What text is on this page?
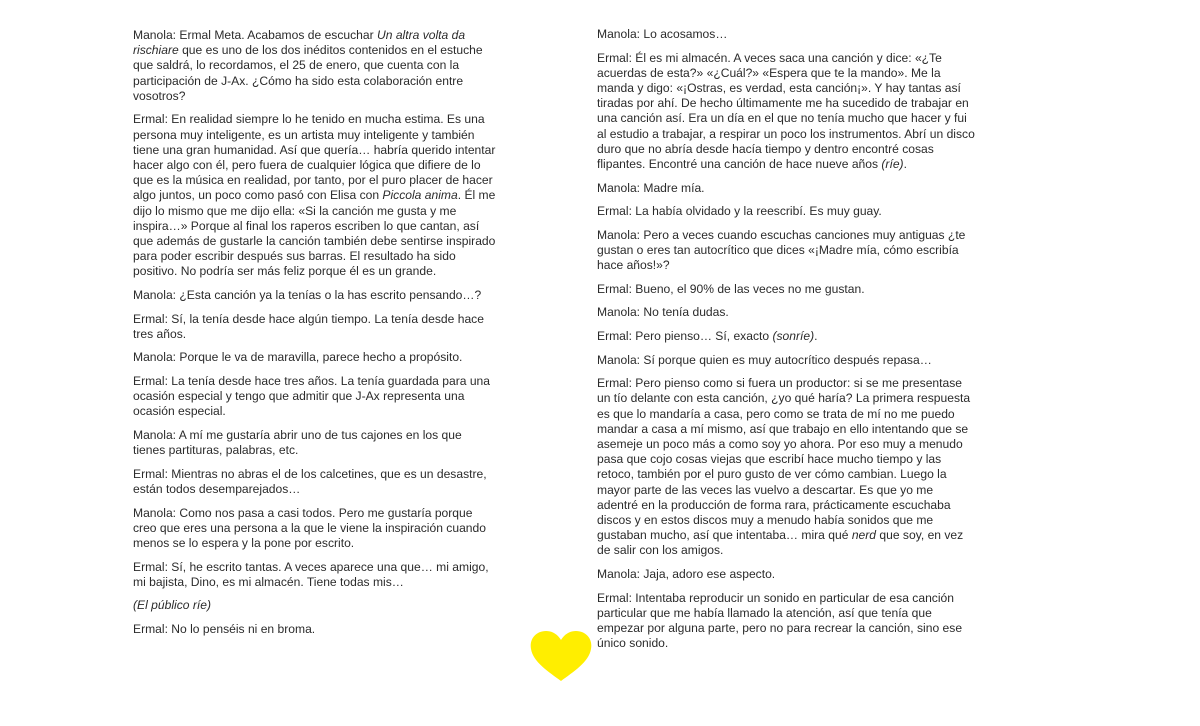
Manola: Ermal Meta. Acabamos de escuchar Un altra volta da rischiare que es uno de los dos inéditos contenidos en el estuche que saldrá, lo recordamos, el 25 de enero, que cuenta con la participación de J-Ax. ¿Cómo ha sido esta colaboración entre vosotros?

Ermal: En realidad siempre lo he tenido en mucha estima. Es una persona muy inteligente, es un artista muy inteligente y también tiene una gran humanidad. Así que quería… habría querido intentar hacer algo con él, pero fuera de cualquier lógica que difiere de lo que es la música en realidad, por tanto, por el puro placer de hacer algo juntos, un poco como pasó con Elisa con Piccola anima. Él me dijo lo mismo que me dijo ella: «Si la canción me gusta y me inspira…» Porque al final los raperos escriben lo que cantan, así que además de gustarle la canción también debe sentirse inspirado para poder escribir después sus barras. El resultado ha sido positivo. No podría ser más feliz porque él es un grande.

Manola: ¿Esta canción ya la tenías o la has escrito pensando…?

Ermal: Sí, la tenía desde hace algún tiempo. La tenía desde hace tres años.

Manola: Porque le va de maravilla, parece hecho a propósito.

Ermal: La tenía desde hace tres años. La tenía guardada para una ocasión especial y tengo que admitir que J-Ax representa una ocasión especial.

Manola: A mí me gustaría abrir uno de tus cajones en los que tienes partituras, palabras, etc.

Ermal: Mientras no abras el de los calcetines, que es un desastre, están todos desemparejados…

Manola: Como nos pasa a casi todos. Pero me gustaría porque creo que eres una persona a la que le viene la inspiración cuando menos se lo espera y la pone por escrito.

Ermal: Sí, he escrito tantas. A veces aparece una que… mi amigo, mi bajista, Dino, es mi almacén. Tiene todas mis…

(El público ríe)

Ermal: No lo penséis ni en broma.

Manola: Lo acosamos…

Ermal: Él es mi almacén. A veces saca una canción y dice: «¿Te acuerdas de esta?» «¿Cuál?» «Espera que te la mando». Me la manda y digo: «¡Ostras, es verdad, esta canción¡». Y hay tantas así tiradas por ahí. De hecho últimamente me ha sucedido de trabajar en una canción así. Era un día en el que no tenía mucho que hacer y fui al estudio a trabajar, a respirar un poco los instrumentos. Abrí un disco duro que no abría desde hacía tiempo y dentro encontré cosas flipantes. Encontré una canción de hace nueve años (ríe).

Manola: Madre mía.

Ermal: La había olvidado y la reescribí. Es muy guay.

Manola: Pero a veces cuando escuchas canciones muy antiguas ¿te gustan o eres tan autocrítico que dices «¡Madre mía, cómo escribía hace años!»?

Ermal: Bueno, el 90% de las veces no me gustan.

Manola: No tenía dudas.

Ermal: Pero pienso… Sí, exacto (sonríe).

Manola: Sí porque quien es muy autocrítico después repasa…

Ermal: Pero pienso como si fuera un productor: si se me presentase un tío delante con esta canción, ¿yo qué haría? La primera respuesta es que lo mandaría a casa, pero como se trata de mí no me puedo mandar a casa a mí mismo, así que trabajo en ello intentando que se asemeje un poco más a como soy yo ahora. Por eso muy a menudo pasa que cojo cosas viejas que escribí hace mucho tiempo y las retoco, también por el puro gusto de ver cómo cambian. Luego la mayor parte de las veces las vuelvo a descartar. Es que yo me adentré en la producción de forma rara, prácticamente escuchaba discos y en estos discos muy a menudo había sonidos que me gustaban mucho, así que intentaba… mira qué nerd que soy, en vez de salir con los amigos.

Manola: Jaja, adoro ese aspecto.

Ermal: Intentaba reproducir un sonido en particular de esa canción particular que me había llamado la atención, así que tenía que empezar por alguna parte, pero no para recrear la canción, sino ese único sonido.
